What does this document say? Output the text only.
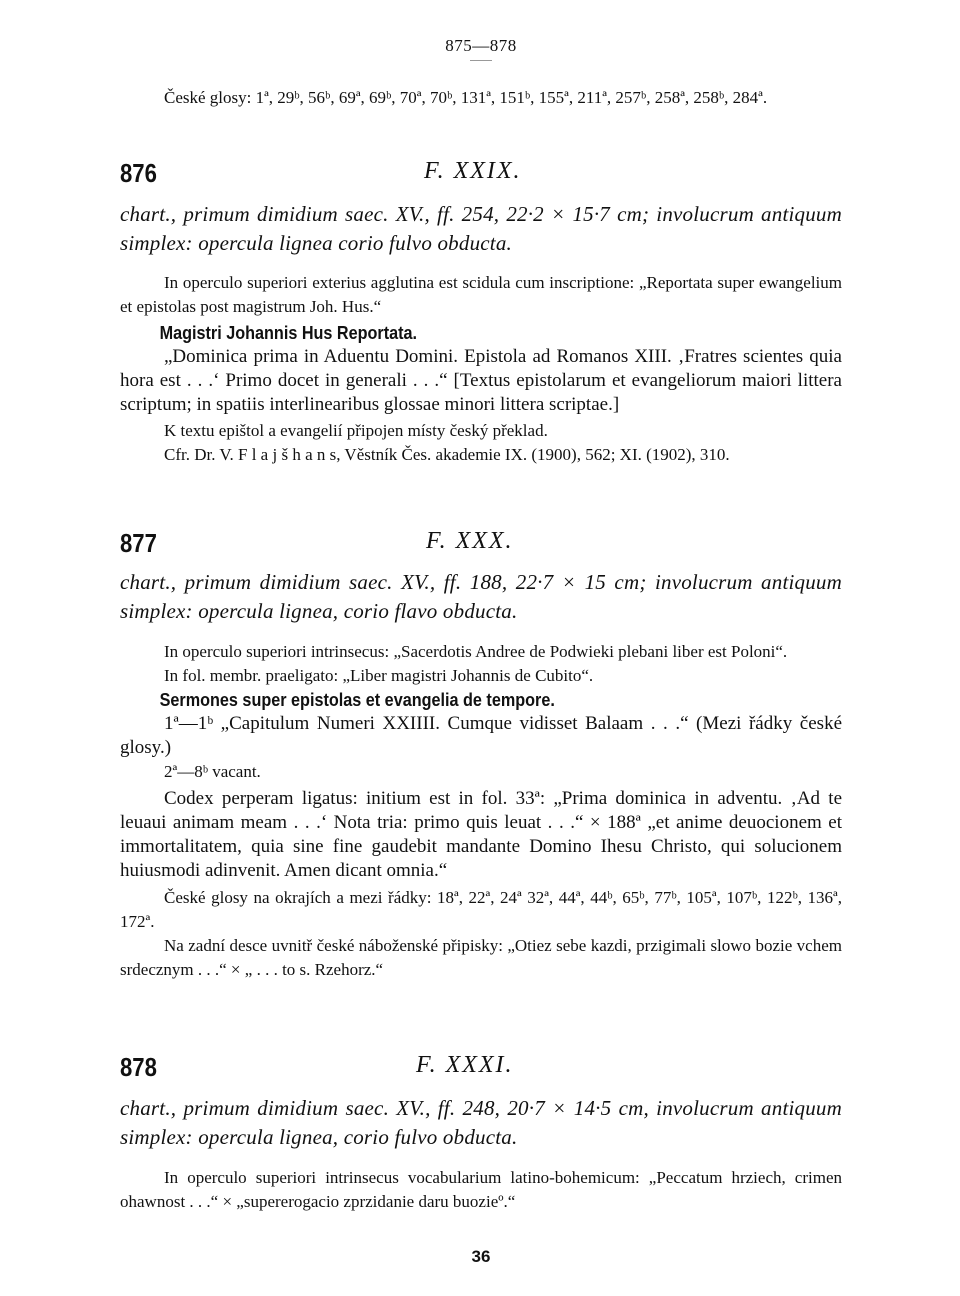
875—878

České glosy: 1ª, 29ᵇ, 56ᵇ, 69ª, 69ᵇ, 70ª, 70ᵇ, 131ª, 151ᵇ, 155ª, 211ª, 257ᵇ, 258ª, 258ᵇ, 284ª.

876	F. XXIX.

chart., primum dimidium saec. XV., ff. 254, 22·2 × 15·7 cm; involucrum antiquum simplex: opercula lignea corio fulvo obducta.

In operculo superiori exterius agglutina est scidula cum inscriptione: „Reportata super ewangelium et epistolas post magistrum Joh. Hus.“

Magistri Johannis Hus Reportata.

„Dominica prima in Aduentu Domini. Epistola ad Romanos XIII. ‚Fratres scientes quia hora est . . .‘ Primo docet in generali . . .“ [Textus epistolarum et evangeliorum maiori littera scriptum; in spatiis interlinearibus glossae minori littera scriptae.]

K textu epištol a evangelií připojen místy český překlad.

Cfr. Dr. V. F l a j š h a n s, Věstník Čes. akademie IX. (1900), 562; XI. (1902), 310.

877	F. XXX.

chart., primum dimidium saec. XV., ff. 188, 22·7 × 15 cm; involucrum antiquum simplex: opercula lignea, corio flavo obducta.

In operculo superiori intrinsecus: „Sacerdotis Andree de Podwieki plebani liber est Poloni“.

In fol. membr. praeligato: „Liber magistri Johannis de Cubito“.

Sermones super epistolas et evangelia de tempore.

1ª—1ᵇ „Capitulum Numeri XXIIII. Cumque vidisset Balaam . . .“ (Mezi řádky české glosy.)

2ª—8ᵇ vacant.

Codex perperam ligatus: initium est in fol. 33ª: „Prima dominica in adventu. ‚Ad te leuaui animam meam . . .‘ Nota tria: primo quis leuat . . .“ × 188ª „et anime deuocionem et immortalitatem, quia sine fine gaudebit mandante Domino Ihesu Christo, qui solucionem huiusmodi adinvenit. Amen dicant omnia.“

České glosy na okrajích a mezi řádky: 18ª, 22ª, 24ª 32ª, 44ª, 44ᵇ, 65ᵇ, 77ᵇ, 105ª, 107ᵇ, 122ᵇ, 136ª, 172ª.

Na zadní desce uvnitř české náboženské připisky: „Otiez sebe kazdi, przigimali slowo bozie vchem srdecznym . . .“ × „ . . . to s. Rzehorz.“

878	F. XXXI.

chart., primum dimidium saec. XV., ff. 248, 20·7 × 14·5 cm, involucrum antiquum simplex: opercula lignea, corio fulvo obducta.

In operculo superiori intrinsecus vocabularium latino-bohemicum: „Peccatum hrziech, crimen ohawnost . . .“ × „supererogacio zprzidanie daru buozieº.“

36
